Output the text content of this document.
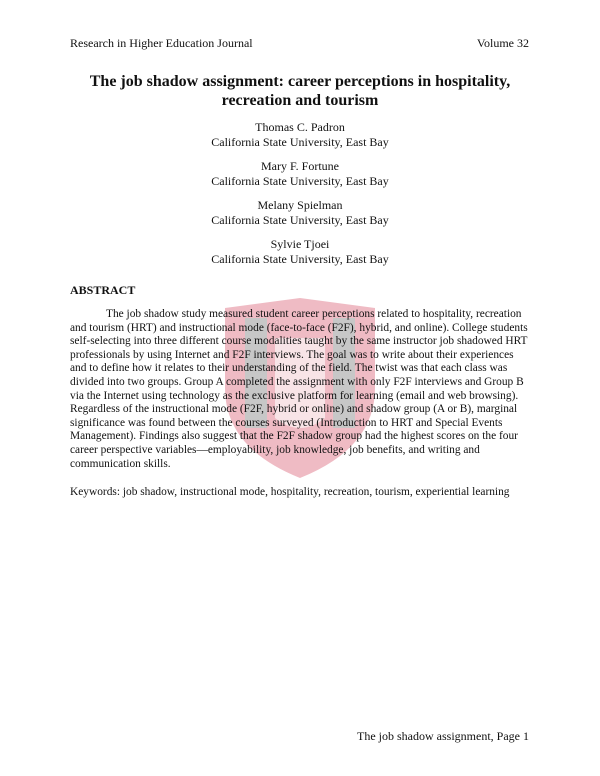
Research in Higher Education Journal	Volume 32
The job shadow assignment: career perceptions in hospitality, recreation and tourism
Thomas C. Padron
California State University, East Bay
Mary F. Fortune
California State University, East Bay
Melany Spielman
California State University, East Bay
Sylvie Tjoei
California State University, East Bay
ABSTRACT
The job shadow study measured student career perceptions related to hospitality, recreation and tourism (HRT) and instructional mode (face-to-face (F2F), hybrid, and online). College students self-selecting into three different course modalities taught by the same instructor job shadowed HRT professionals by using Internet and F2F interviews. The goal was to write about their experiences and to define how it relates to their understanding of the field. The twist was that each class was divided into two groups. Group A completed the assignment with only F2F interviews and Group B via the Internet using technology as the exclusive platform for learning (email and web browsing). Regardless of the instructional mode (F2F, hybrid or online) and shadow group (A or B), marginal significance was found between the courses surveyed (Introduction to HRT and Special Events Management). Findings also suggest that the F2F shadow group had the highest scores on the four career perspective variables—employability, job knowledge, job benefits, and writing and communication skills.
Keywords: job shadow, instructional mode, hospitality, recreation, tourism, experiential learning
The job shadow assignment, Page 1
